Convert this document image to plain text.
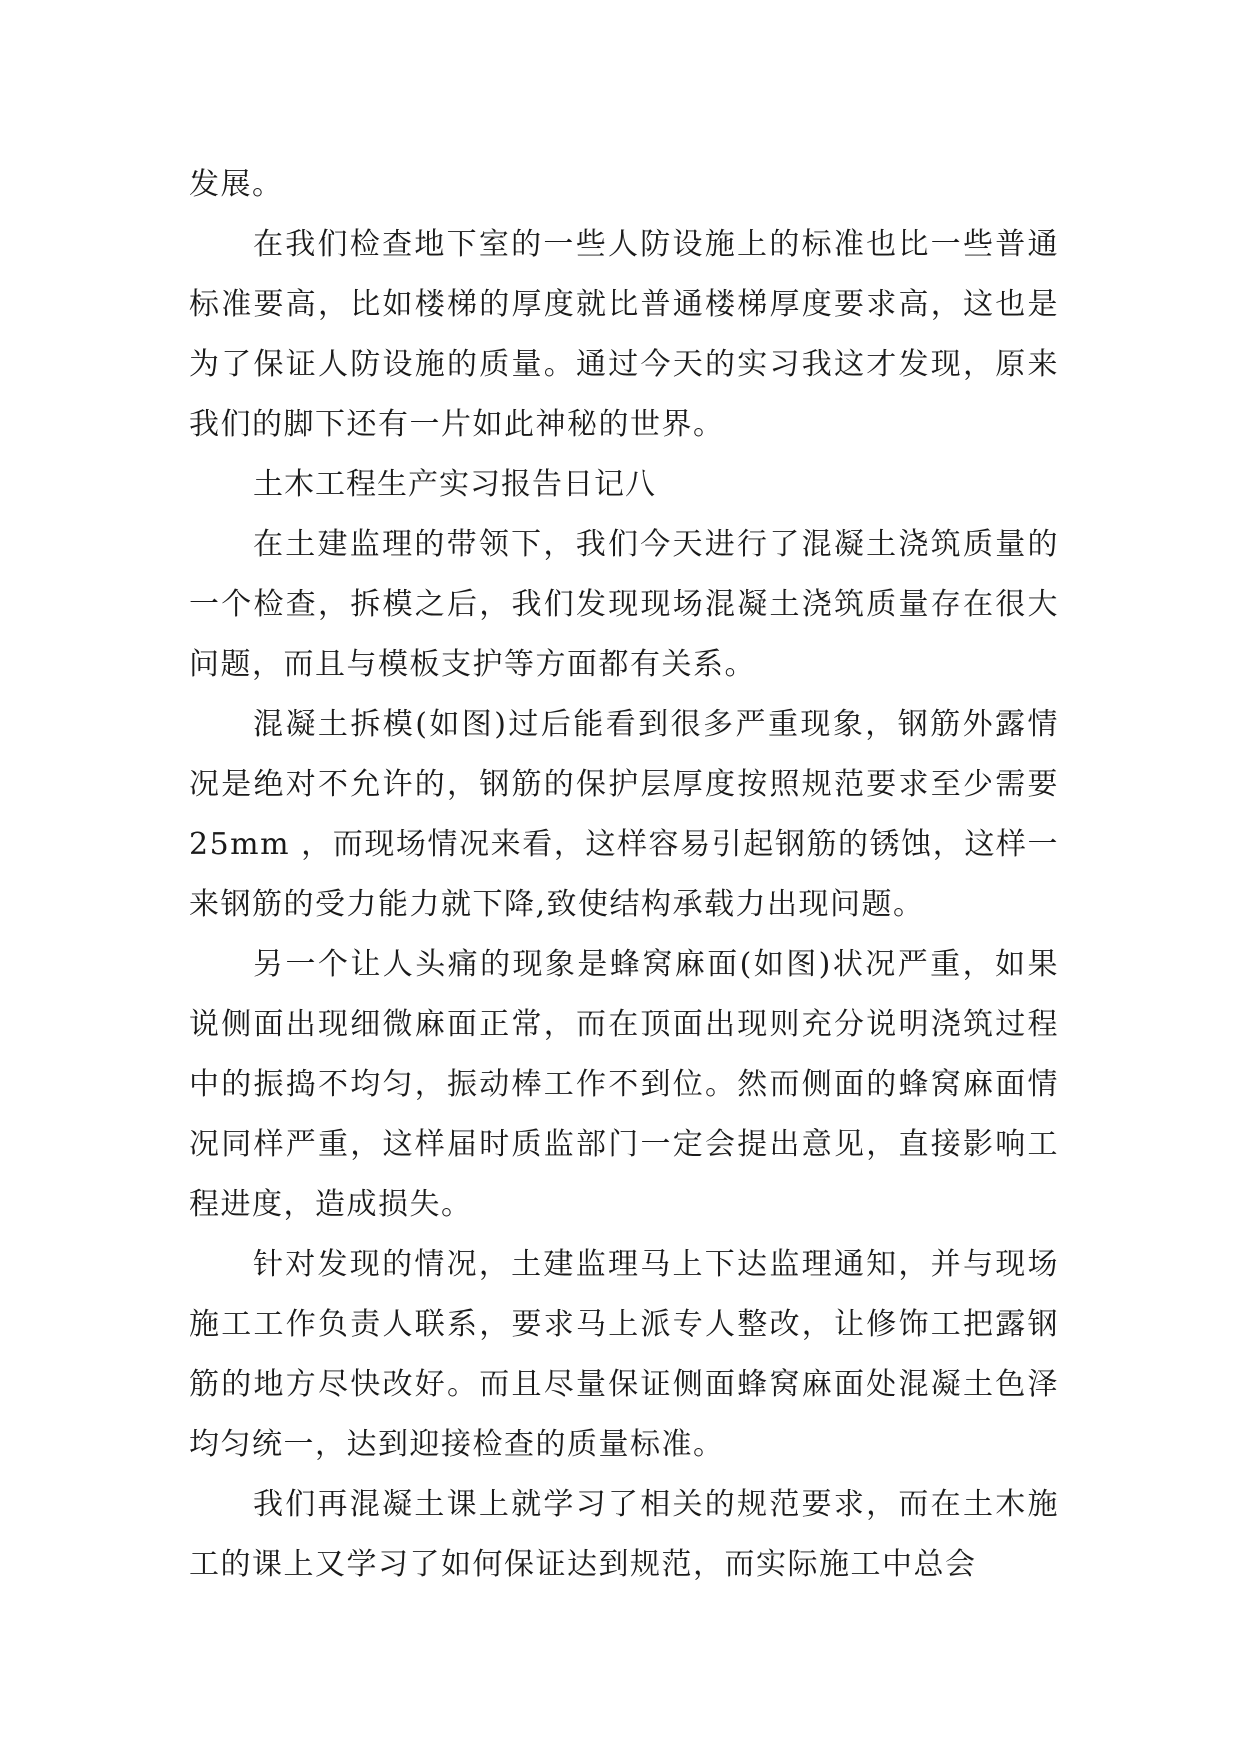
发展。

在我们检查地下室的一些人防设施上的标准也比一些普通标准要高，比如楼梯的厚度就比普通楼梯厚度要求高，这也是为了保证人防设施的质量。通过今天的实习我这才发现，原来我们的脚下还有一片如此神秘的世界。

土木工程生产实习报告日记八

在土建监理的带领下，我们今天进行了混凝土浇筑质量的一个检查，拆模之后，我们发现现场混凝土浇筑质量存在很大问题，而且与模板支护等方面都有关系。

混凝土拆模(如图)过后能看到很多严重现象，钢筋外露情况是绝对不允许的，钢筋的保护层厚度按照规范要求至少需要 25mm ，而现场情况来看，这样容易引起钢筋的锈蚀，这样一来钢筋的受力能力就下降,致使结构承载力出现问题。

另一个让人头痛的现象是蜂窝麻面(如图)状况严重，如果说侧面出现细微麻面正常，而在顶面出现则充分说明浇筑过程中的振捣不均匀，振动棒工作不到位。然而侧面的蜂窝麻面情况同样严重，这样届时质监部门一定会提出意见，直接影响工程进度，造成损失。

针对发现的情况，土建监理马上下达监理通知，并与现场施工工作负责人联系，要求马上派专人整改，让修饰工把露钢筋的地方尽快改好。而且尽量保证侧面蜂窝麻面处混凝土色泽均匀统一，达到迎接检查的质量标准。

我们再混凝土课上就学习了相关的规范要求，而在土木施工的课上又学习了如何保证达到规范，而实际施工中总会
